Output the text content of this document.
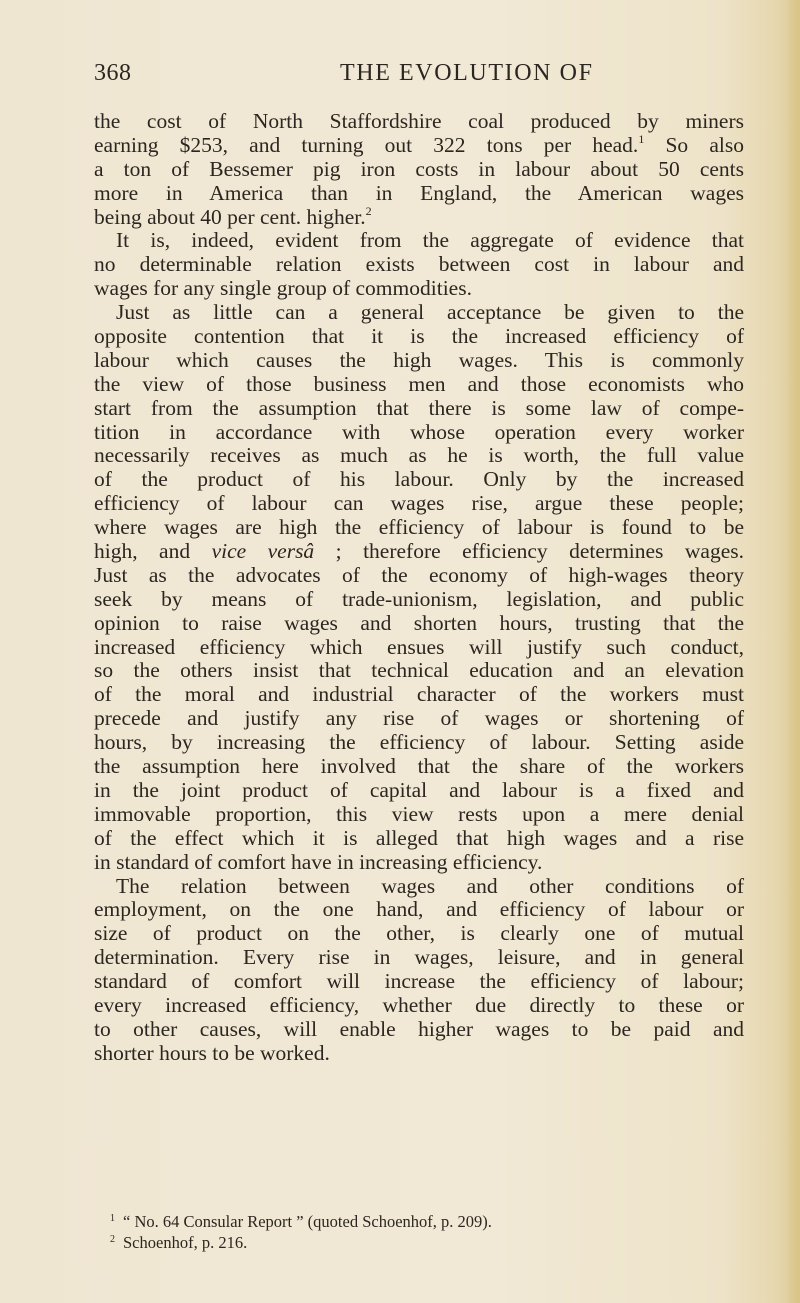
368	THE EVOLUTION OF
the cost of North Staffordshire coal produced by miners
earning $253, and turning out 322 tons per head.$^1$ So also
a ton of Bessemer pig iron costs in labour about 50 cents
more in America than in England, the American wages
being about 40 per cent. higher.$^2$
It is, indeed, evident from the aggregate of evidence that
no determinable relation exists between cost in labour and
wages for any single group of commodities.
Just as little can a general acceptance be given to the
opposite contention that it is the increased efficiency of
labour which causes the high wages. This is commonly
the view of those business men and those economists who
start from the assumption that there is some law of compe-
tition in accordance with whose operation every worker
necessarily receives as much as he is worth, the full value
of the product of his labour. Only by the increased
efficiency of labour can wages rise, argue these people;
where wages are high the efficiency of labour is found to be
high, and vice versâ ; therefore efficiency determines wages.
Just as the advocates of the economy of high-wages theory
seek by means of trade-unionism, legislation, and public
opinion to raise wages and shorten hours, trusting that the
increased efficiency which ensues will justify such conduct,
so the others insist that technical education and an elevation
of the moral and industrial character of the workers must
precede and justify any rise of wages or shortening of
hours, by increasing the efficiency of labour. Setting aside
the assumption here involved that the share of the workers
in the joint product of capital and labour is a fixed and
immovable proportion, this view rests upon a mere denial
of the effect which it is alleged that high wages and a rise
in standard of comfort have in increasing efficiency.
The relation between wages and other conditions of
employment, on the one hand, and efficiency of labour or
size of product on the other, is clearly one of mutual
determination. Every rise in wages, leisure, and in general
standard of comfort will increase the efficiency of labour;
every increased efficiency, whether due directly to these or
to other causes, will enable higher wages to be paid and
shorter hours to be worked.
1 “ No. 64 Consular Report ” (quoted Schoenhof, p. 209).
2 Schoenhof, p. 216.
